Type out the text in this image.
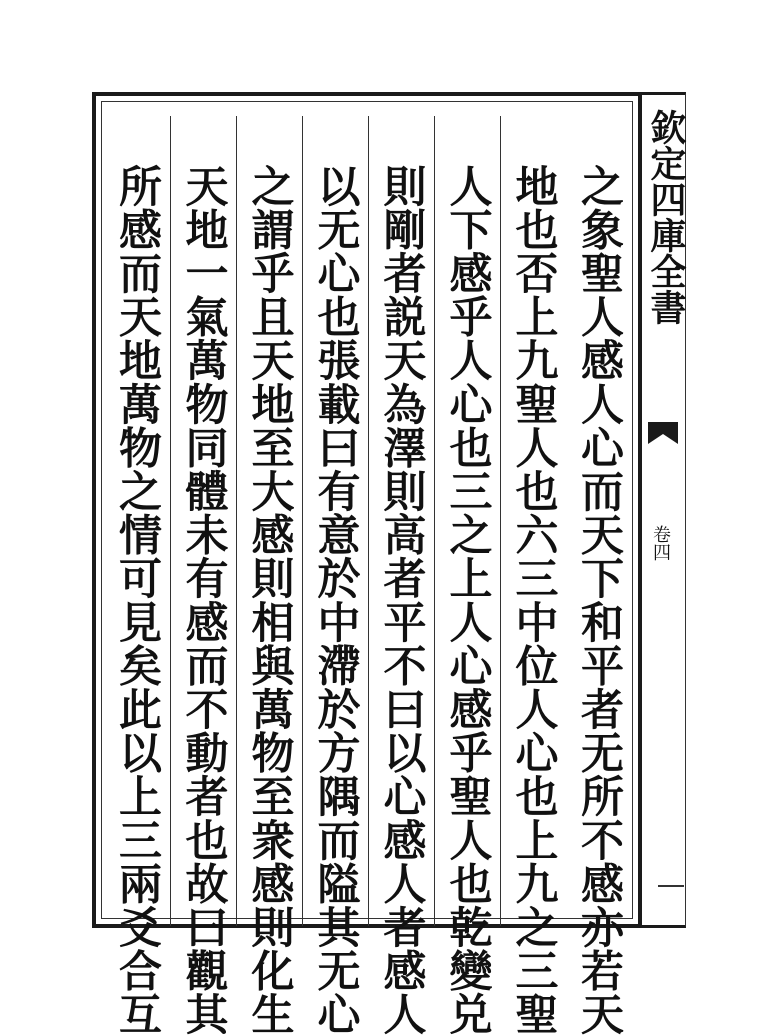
欽定四庫全書
卷四
之象聖人感人心而天下和平者无所不感亦若天
地也否上九聖人也六三中位人心也上九之三聖
人下感乎人心也三之上人心感乎聖人也乾變兑
則剛者説天為澤則高者平不曰以心感人者感人
以无心也張載曰有意於中滯於方隅而隘其无心
之謂乎且天地至大感則相與萬物至衆感則化生
天地一氣萬物同體未有感而不動者也故曰觀其
所感而天地萬物之情可見矣此以上三兩爻合互
